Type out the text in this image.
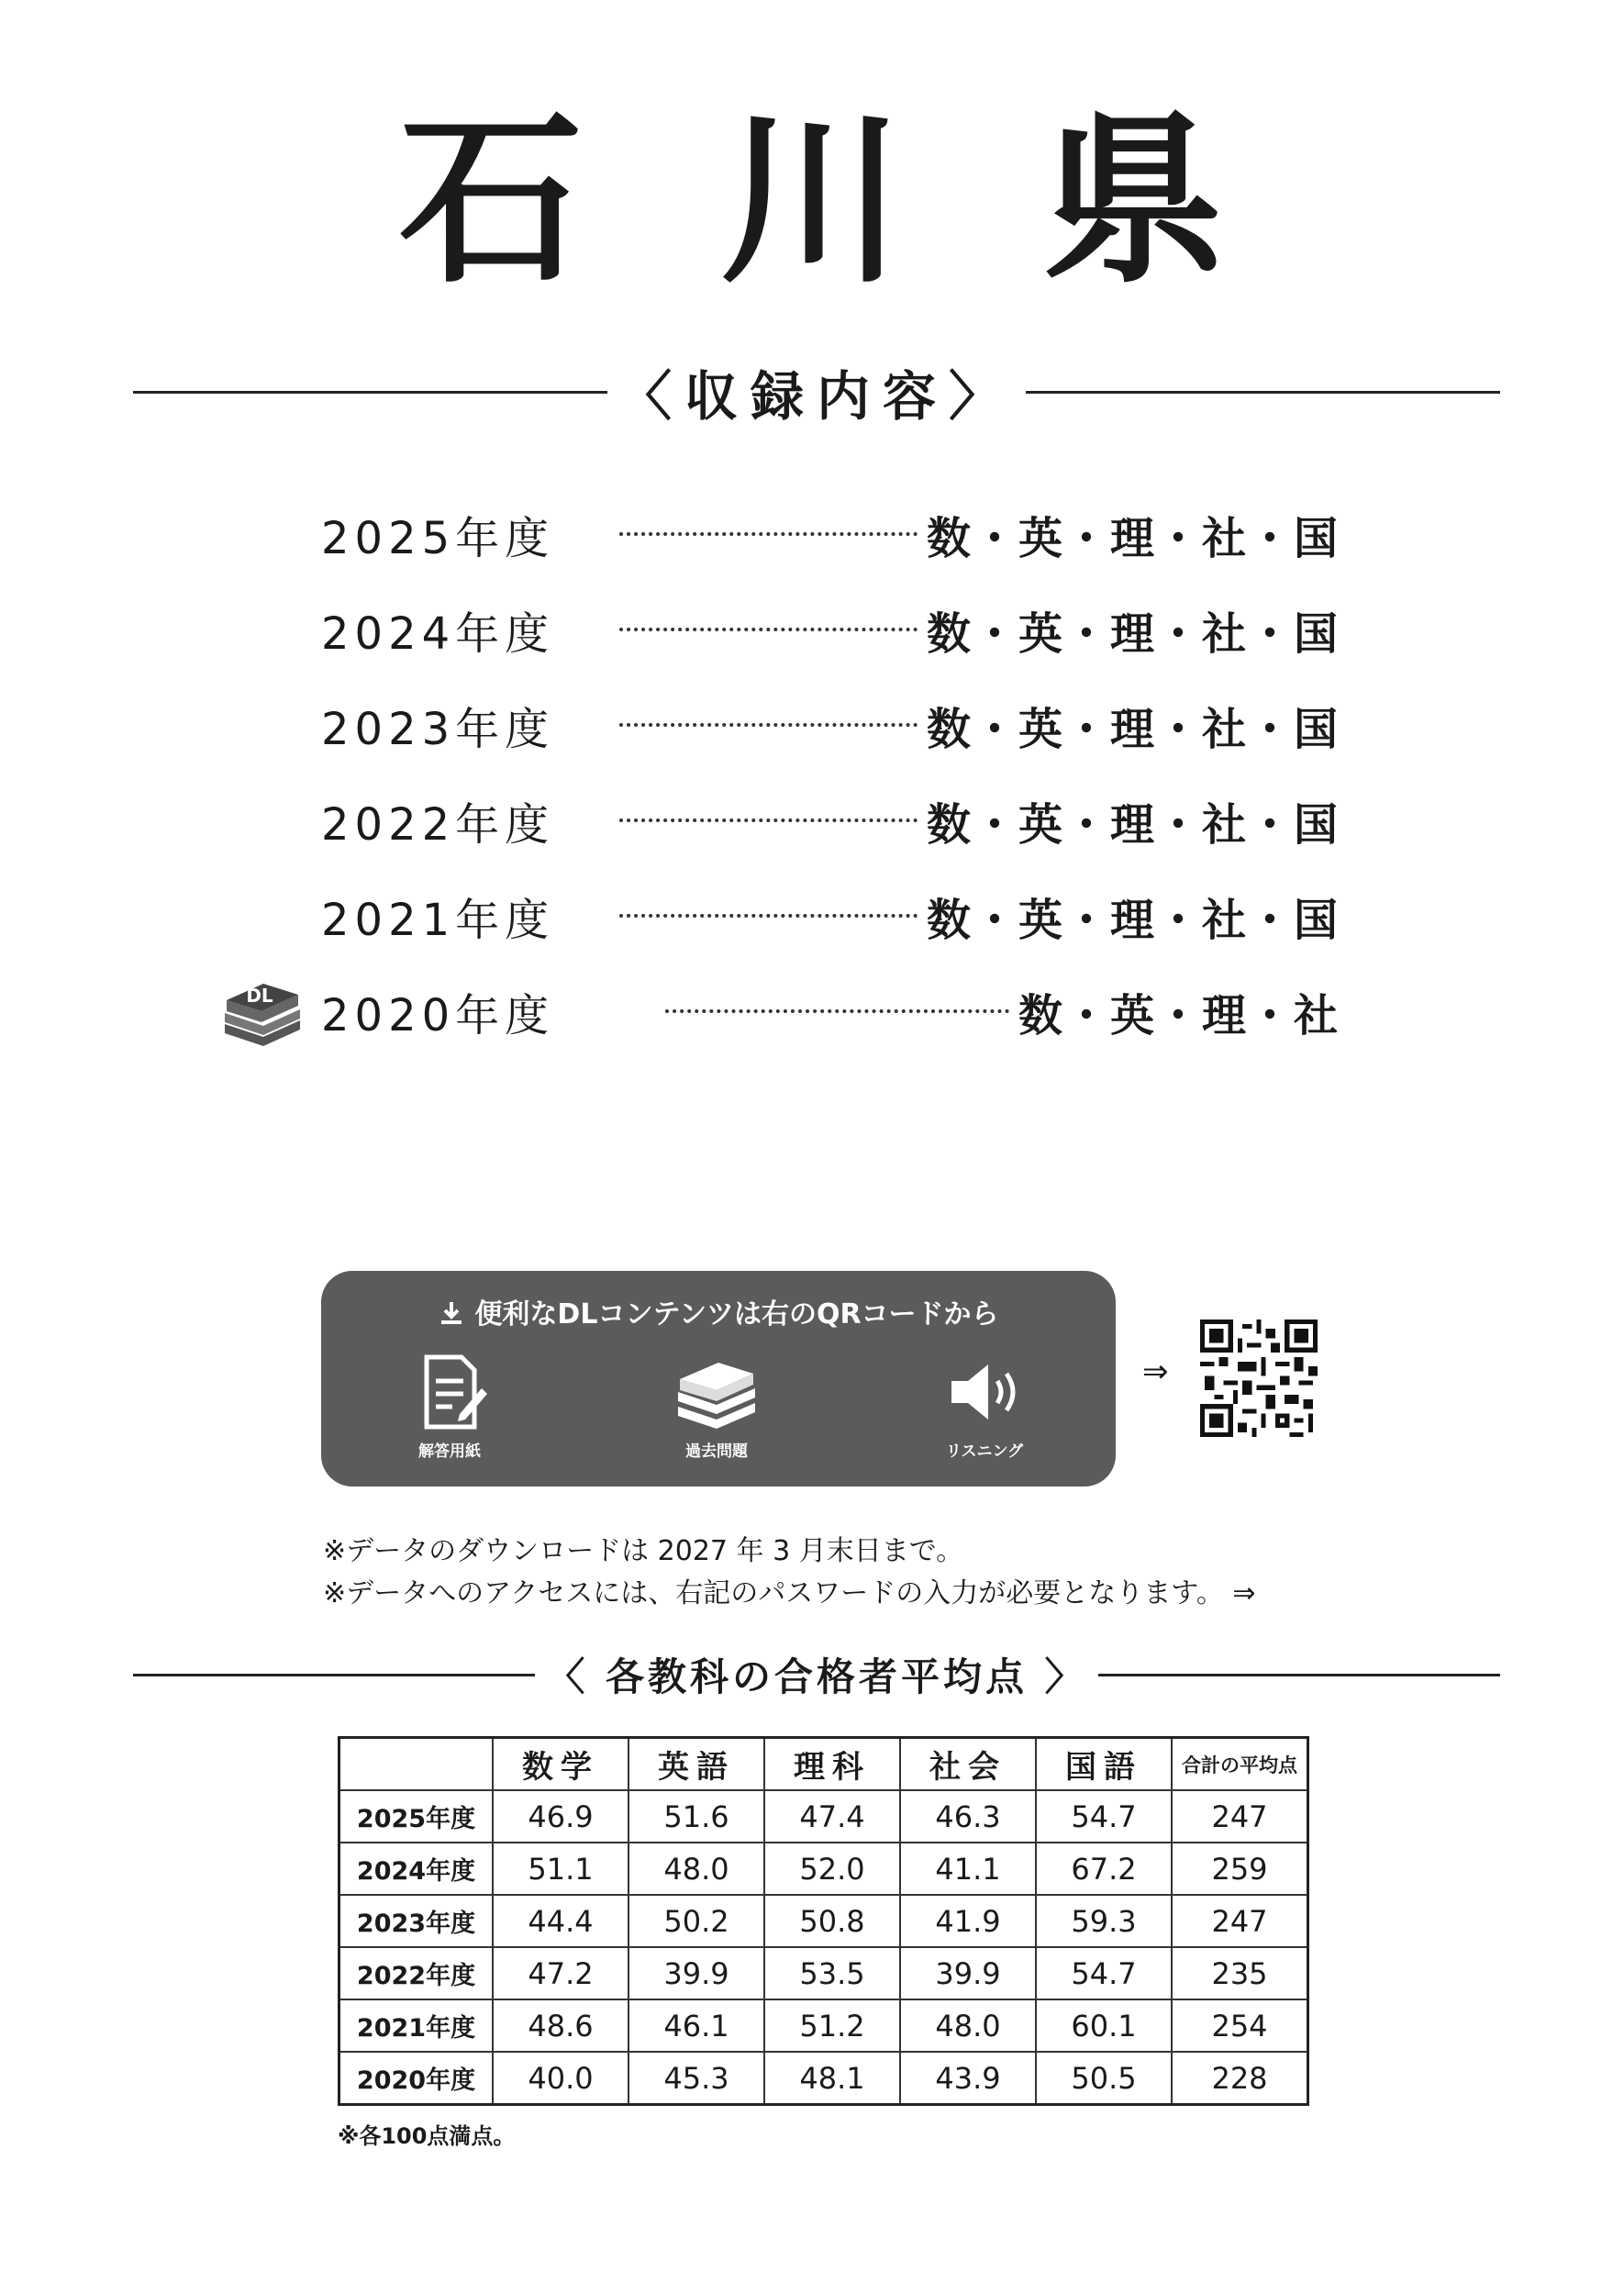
石 川 県
〈収録内容〉
2025年度	数・英・理・社・国
2024年度	数・英・理・社・国
2023年度	数・英・理・社・国
2022年度	数・英・理・社・国
2021年度	数・英・理・社・国
DL	2020年度	数・英・理・社
便利なDLコンテンツは右のQRコードから
解答用紙	過去問題	リスニング
⇒
※データのダウンロードは 2027 年 3 月末日まで。
※データへのアクセスには、右記のパスワードの入力が必要となります。 ⇒
〈 各教科の合格者平均点 〉
	数学	英語	理科	社会	国語	合計の平均点
2025年度	46.9	51.6	47.4	46.3	54.7	247
2024年度	51.1	48.0	52.0	41.1	67.2	259
2023年度	44.4	50.2	50.8	41.9	59.3	247
2022年度	47.2	39.9	53.5	39.9	54.7	235
2021年度	48.6	46.1	51.2	48.0	60.1	254
2020年度	40.0	45.3	48.1	43.9	50.5	228
※各100点満点。
